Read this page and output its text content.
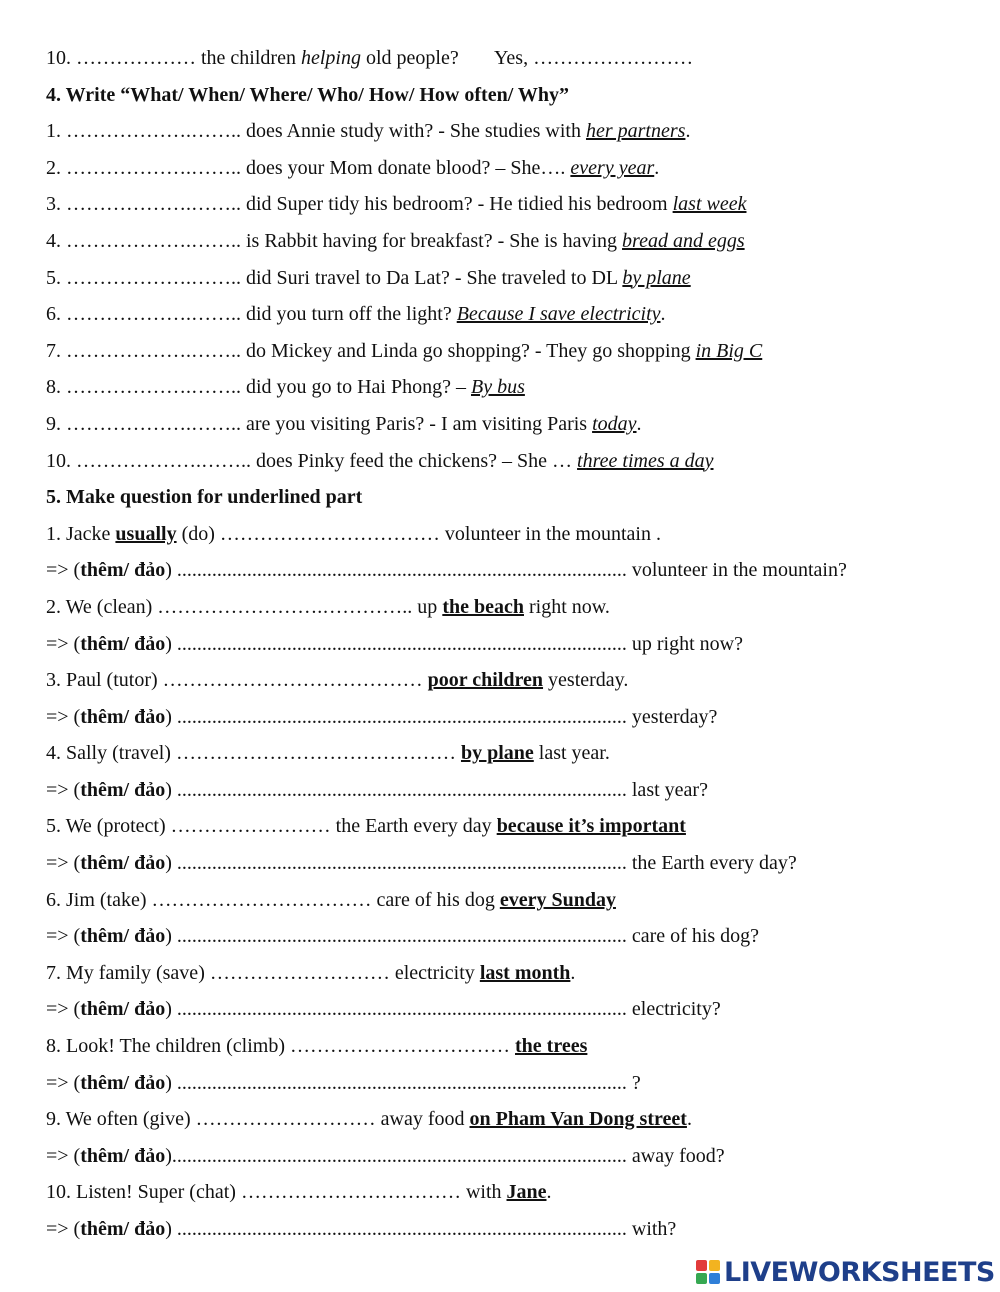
10. ……………… the children helping old people? Yes, ……………………
4. Write “What/ When/ Where/ Who/ How/ How often/ Why”
1. ……………….…….. does Annie study with? - She studies with her partners.
2. ……………….…….. does your Mom donate blood? – She…. every year.
3. ……………….…….. did Super tidy his bedroom? - He tidied his bedroom last week
4. ……………….…….. is Rabbit having for breakfast? - She is having bread and eggs
5. ……………….…….. did Suri travel to Da Lat? - She traveled to DL by plane
6. ……………….…….. did you turn off the light? Because I save electricity.
7. ……………….…….. do Mickey and Linda go shopping? - They go shopping in Big C
8. ……………….…….. did you go to Hai Phong? – By bus
9. ……………….…….. are you visiting Paris? - I am visiting Paris today.
10. ……………….…….. does Pinky feed the chickens? – She … three times a day
5. Make question for underlined part
1. Jacke usually (do) …………………………… volunteer in the mountain .
=> (thêm/ đảo) .......................................................................................... volunteer in the mountain?
2. We (clean) …………………….………….. up the beach right now.
=> (thêm/ đảo) .......................................................................................... up right now?
3. Paul (tutor) ………………………………… poor children yesterday.
=> (thêm/ đảo) .......................................................................................... yesterday?
4. Sally (travel) …………………………………… by plane last year.
=> (thêm/ đảo) .......................................................................................... last year?
5. We (protect) …………………… the Earth every day because it’s important
=> (thêm/ đảo) .......................................................................................... the Earth every day?
6. Jim (take) …………………………… care of his dog every Sunday
=> (thêm/ đảo) .......................................................................................... care of his dog?
7. My family (save) ……………………… electricity last month.
=> (thêm/ đảo) .......................................................................................... electricity?
8. Look! The children (climb) …………………………… the trees
=> (thêm/ đảo) .......................................................................................... ?
9. We often (give) ……………………… away food on Pham Van Dong street.
=> (thêm/ đảo)........................................................................................... away food?
10. Listen! Super (chat) …………………………… with Jane.
=> (thêm/ đảo) .......................................................................................... with?
LIVEWORKSHEETS
